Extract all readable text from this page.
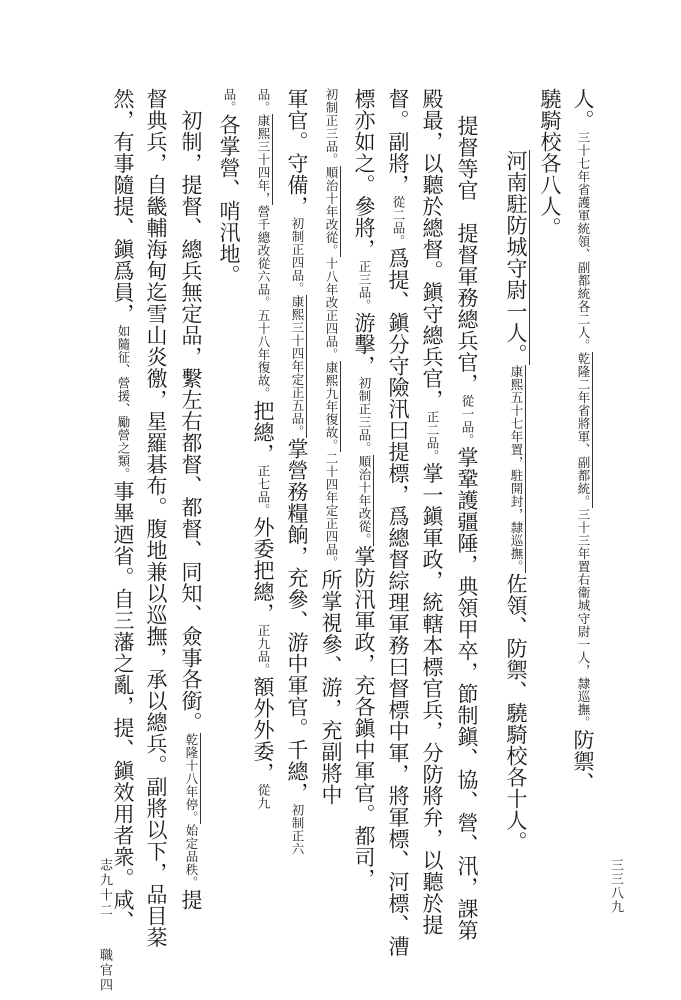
人。三十七年省護軍統領、副都統各二人。乾隆二年省將軍、副都統。三十三年置右衞城守尉一人，隸巡撫。防禦、
驍騎校各八人。
河南駐防城守尉一人。康熙五十七年置，駐開封，隸巡撫。佐領、防禦、驍騎校各十人。
提督等官　提督軍務總兵官，從一品。掌鞏護疆陲，典領甲卒，節制鎭、協、營、汛，課第
殿最，以聽於總督。鎭守總兵官，正二品。掌一鎭軍政，統轄本標官兵，分防將弁，以聽於提
督。副將，從二品。爲提、鎭分守險汛曰提標，爲總督綜理軍務曰督標中軍，將軍標、河標、漕
標亦如之。參將，正三品。游擊，初制正三品。順治十年改從。掌防汛軍政，充各鎭中軍官。都司，
初制正三品。順治十年改從。十八年改正四品。康熙九年復故。二十四年定正四品。所掌視參、游，充副將中
軍官。守備，初制正四品。康熙三十四年定正五品。掌營務糧餉，充參、游中軍官。千總，初制正六
品。康熙三十四年，營千總改從六品。五十八年復故。把總，正七品。外委把總，正九品。額外外委，從九
品。各掌營、哨汛地。
　初制，提督、總兵無定品，繫左右都督、都督、同知、僉事各銜。乾隆十八年停。始定品秩。提
督典兵，自畿輔海甸迄雪山炎徼，星羅碁布。腹地兼以巡撫，承以總兵。副將以下，品目棻
然，有事隨提、鎭爲員，如隨征、營援、勵營之類。事畢迺省。自三藩之亂，提、鎭效用者衆。咸、
志九十二　　職官四	三三八九
